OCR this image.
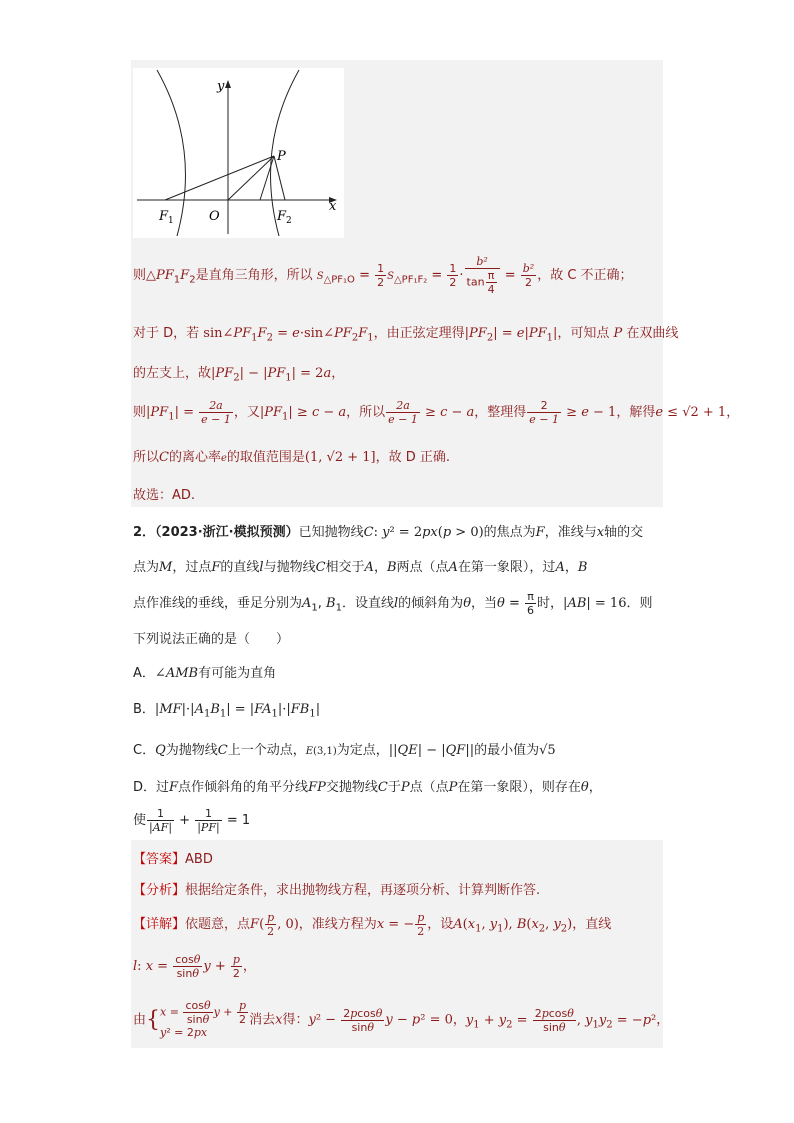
y
x
P
O
$F_1$	$F_2$
则$\triangle PF_1F_2$是直角三角形，所以 $S_{\triangle PF_1O} = \frac{1}{2} S_{\triangle PF_1F_2} = \frac{1}{2} \cdot \frac{\text{b²}}{\tan \frac{\pi}{4}} = \frac{\text{b²}}{2}$ ，故 C 不正确；
对于 D，若 $\sin\angle PF_1F_2$ = $e\cdot\sin\angle PF_2F_1$，由正弦定理得$|PF_2| = e|PF_1|$，可知点 P 在双曲线
的左支上，故$|PF_2| - |PF_1| = 2a$，
则$|PF_1| = \frac{2a}{e - 1}$ ，又$|PF_1| \ge c - a$，所以 $\frac{2a}{e - 1} \ge c - a$，整理得 $\frac{2}{e - 1} \ge e - 1$，解得e ≤ √2 + 1，
所以C的离心率e的取值范围是(1, √2 + 1]，故 D 正确.
故选：AD.
2．（2023·浙江·模拟预测）已知抛物线C: y² = 2px(p > 0)的焦点为F，准线与x轴的交
点为M，过点F的直线l与抛物线C相交于A，B两点（点A在第一象限），过A，B
点作准线的垂线，垂足分别为$A_1$, $B_1$．设直线l的倾斜角为θ，当$\theta = \frac{\pi}{6}$ 时，|AB| = 16．则
下列说法正确的是（　　）
A．∠AMB有可能为直角
B．$|MF|\cdot|A_1B_1| = |FA_1|\cdot|FB_1|$
C．Q为抛物线C上一个动点，E(3,1)为定点，||QE| − |QF||的最小值为√5
D．过F点作倾斜角的角平分线FP交抛物线C于P点（点P在第一象限），则存在θ，
使 $\frac{1}{|AF|} + \frac{1}{|PF|} = 1$
【答案】ABD
【分析】根据给定条件，求出抛物线方程，再逐项分析、计算判断作答.
【详解】依题意，点$F( \frac{p}{2}$ , 0)，准线方程为x = − $\frac{p}{2}$ ，设$A(x_1$, $y_1$), $B(x_2$, $y_2$)，直线
l: $x = \frac{\cos\theta}{\sin\theta}$ $y + \frac{p}{2}$ ，
由{ $x = \frac{\cos\theta}{\sin\theta}$ $y + \frac{p}{2}$
y² = 2px
消去x得：$y^2 - \frac{2pcos\theta}{\sin\theta}$ y − p² = 0，$y_1 + y_2 = \frac{2pcos\theta}{\sin\theta}$ , $y_1y_2 = -p^2$，
